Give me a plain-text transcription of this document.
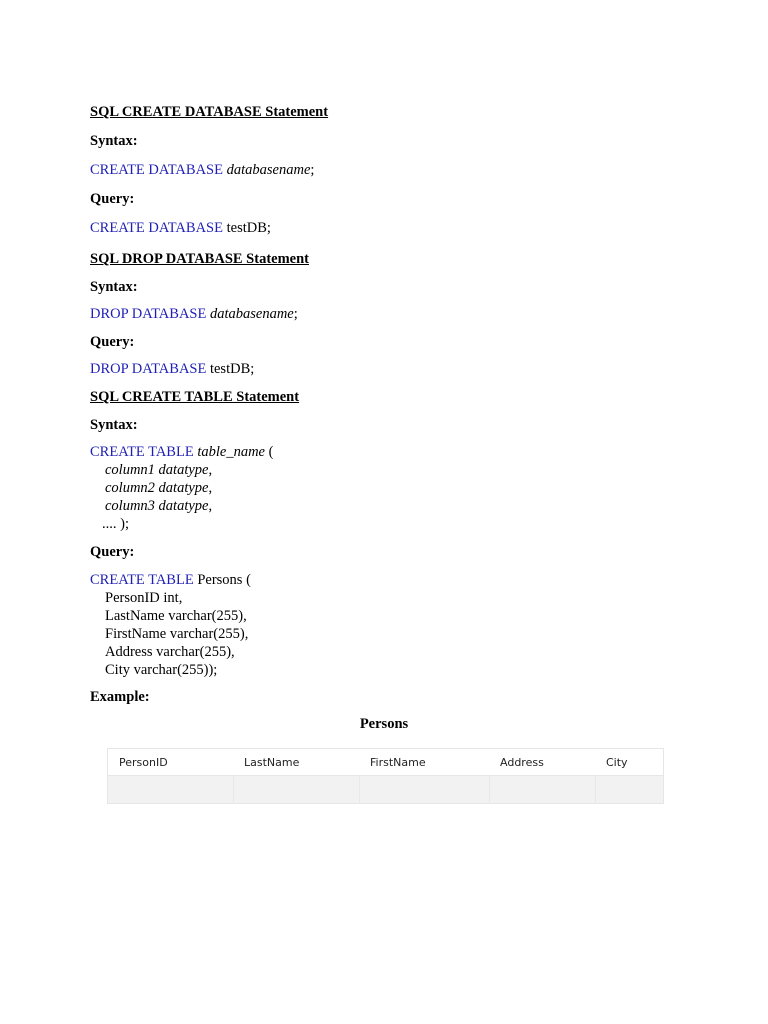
SQL CREATE DATABASE Statement

Syntax:

CREATE DATABASE databasename;

Query:

CREATE DATABASE testDB;

SQL DROP DATABASE Statement

Syntax:

DROP DATABASE databasename;

Query:

DROP DATABASE testDB;

SQL CREATE TABLE Statement

Syntax:

CREATE TABLE table_name (

column1 datatype,

column2 datatype,

column3 datatype,

.... );

Query:

CREATE TABLE Persons (

PersonID int,

LastName varchar(255),

FirstName varchar(255),

Address varchar(255),

City varchar(255));

Example:

Persons
PersonID	LastName	FirstName	Address	City
